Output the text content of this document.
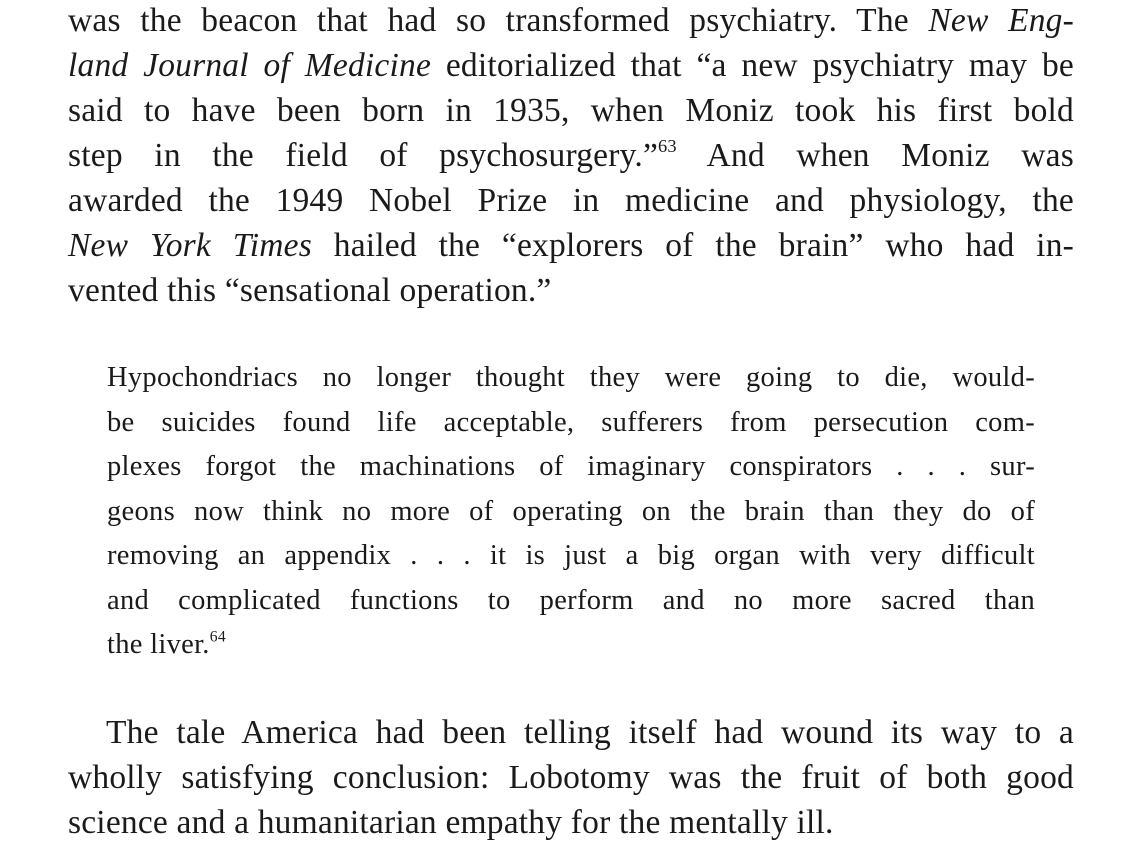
was the beacon that had so transformed psychiatry. The New Eng-
land Journal of Medicine editorialized that “a new psychiatry may be
said to have been born in 1935, when Moniz took his first bold
step in the field of psychosurgery.”$^{63}$ And when Moniz was
awarded the 1949 Nobel Prize in medicine and physiology, the
New York Times hailed the “explorers of the brain” who had in-
vented this “sensational operation.”
Hypochondriacs no longer thought they were going to die, would-
be suicides found life acceptable, sufferers from persecution com-
plexes forgot the machinations of imaginary conspirators . . . sur-
geons now think no more of operating on the brain than they do of
removing an appendix . . . it is just a big organ with very difficult
and complicated functions to perform and no more sacred than
the liver.$^{64}$
The tale America had been telling itself had wound its way to a
wholly satisfying conclusion: Lobotomy was the fruit of both good
science and a humanitarian empathy for the mentally ill.
